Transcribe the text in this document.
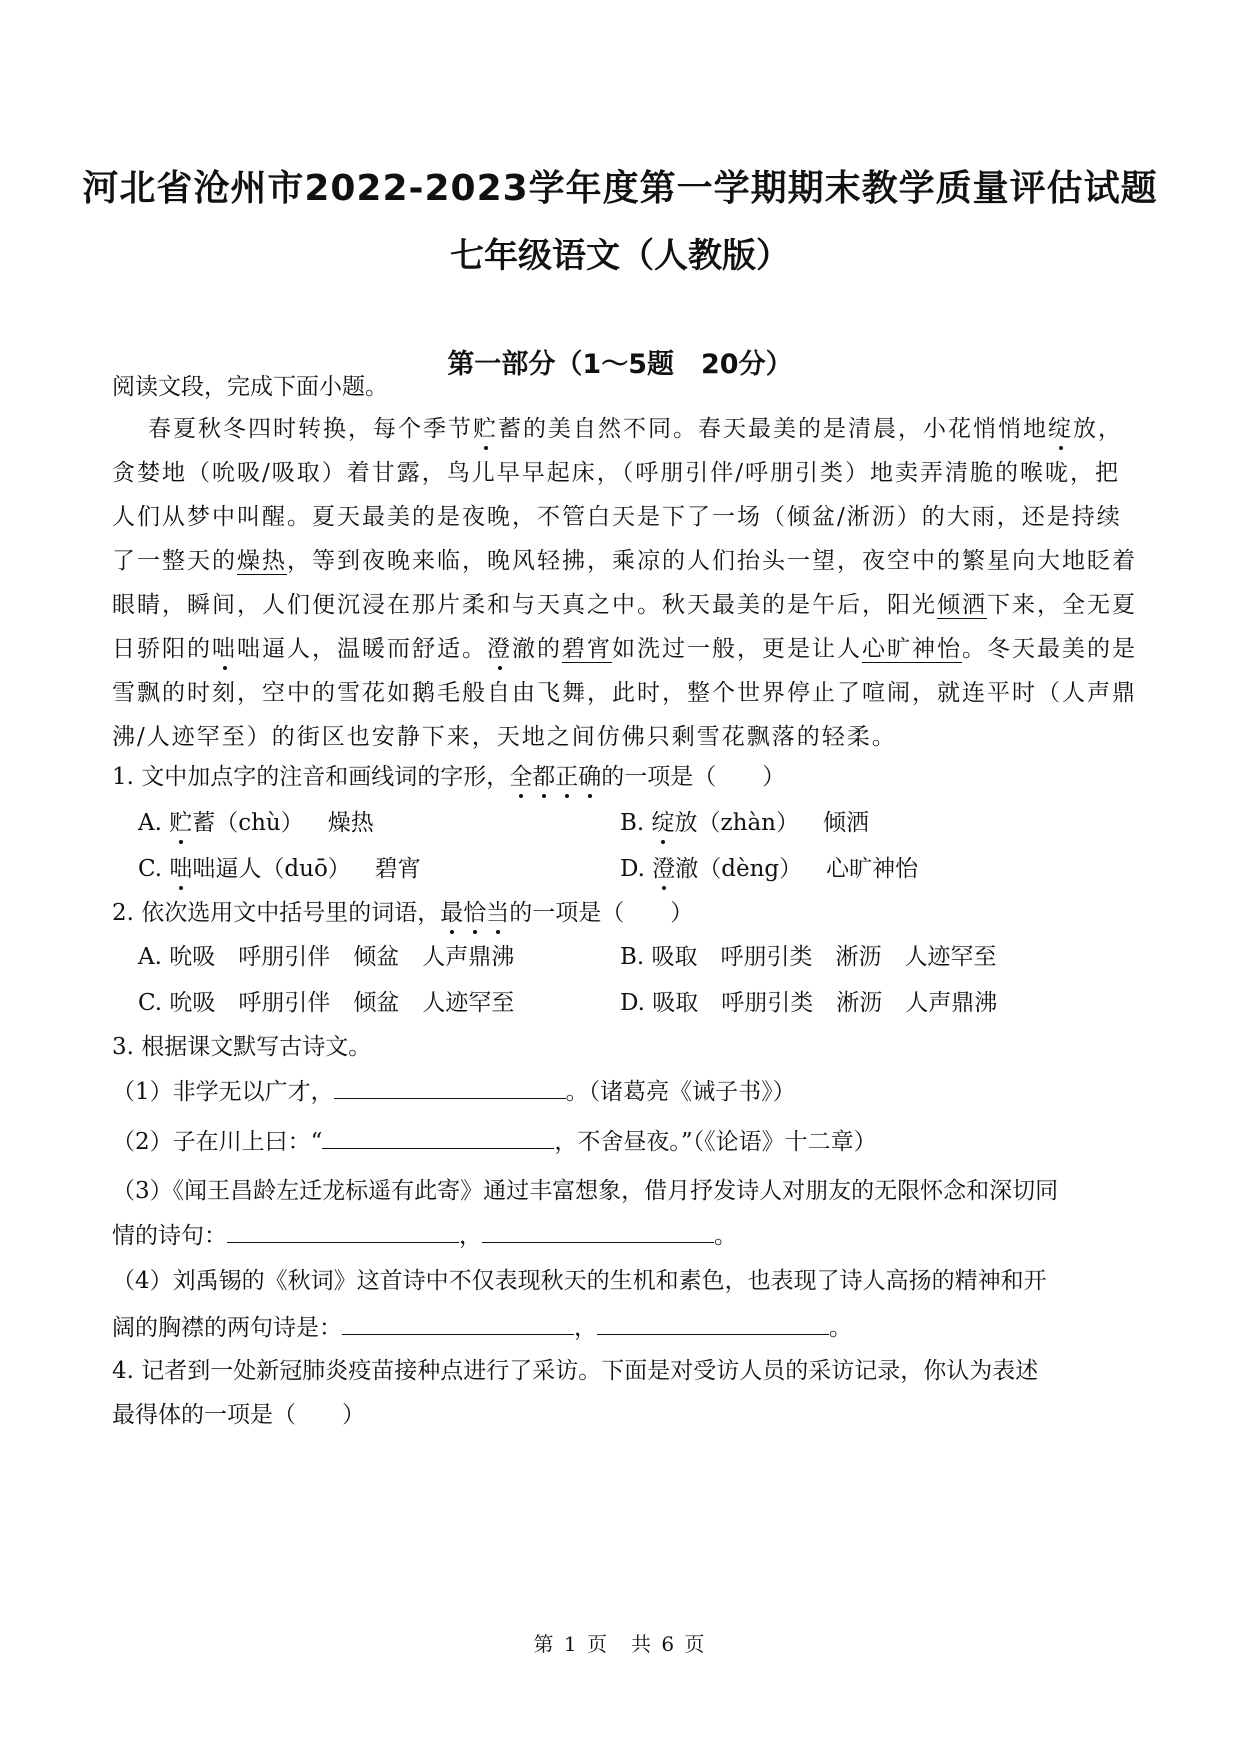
河北省沧州市2022-2023学年度第一学期期末教学质量评估试题
七年级语文（人教版）
第一部分（1～5题　20分）
阅读文段，完成下面小题。
春夏秋冬四时转换，每个季节贮蓄的美自然不同。春天最美的是清晨，小花悄悄地绽放，
贪婪地（吮吸/吸取）着甘露，鸟儿早早起床，（呼朋引伴/呼朋引类）地卖弄清脆的喉咙，把
人们从梦中叫醒。夏天最美的是夜晚，不管白天是下了一场（倾盆/淅沥）的大雨，还是持续
了一整天的燥热，等到夜晚来临，晚风轻拂，乘凉的人们抬头一望，夜空中的繁星向大地眨着
眼睛，瞬间，人们便沉浸在那片柔和与天真之中。秋天最美的是午后，阳光倾洒下来，全无夏
日骄阳的咄咄逼人，温暖而舒适。澄澈的碧宵如洗过一般，更是让人心旷神怡。冬天最美的是
雪飘的时刻，空中的雪花如鹅毛般自由飞舞，此时，整个世界停止了喧闹，就连平时（人声鼎
沸/人迹罕至）的街区也安静下来，天地之间仿佛只剩雪花飘落的轻柔。
1. 文中加点字的注音和画线词的字形，全都正确的一项是（　　）
A. 贮蓄（chù） 燥热	B. 绽放（zhàn） 倾洒
C. 咄咄逼人（duō） 碧宵	D. 澄澈（dèng） 心旷神怡
2. 依次选用文中括号里的词语，最恰当的一项是（　　）
A. 吮吸　呼朋引伴　倾盆　人声鼎沸	B. 吸取　呼朋引类　淅沥　人迹罕至
C. 吮吸　呼朋引伴　倾盆　人迹罕至	D. 吸取　呼朋引类　淅沥　人声鼎沸
3. 根据课文默写古诗文。
（1）非学无以广才，	。（诸葛亮《诫子书》）
（2）子在川上曰：“	，不舍昼夜。”（《论语》十二章）
（3）《闻王昌龄左迁龙标遥有此寄》通过丰富想象，借月抒发诗人对朋友的无限怀念和深切同
情的诗句：	，	。
（4）刘禹锡的《秋词》这首诗中不仅表现秋天的生机和素色，也表现了诗人高扬的精神和开
阔的胸襟的两句诗是：	，	。
4. 记者到一处新冠肺炎疫苗接种点进行了采访。下面是对受访人员的采访记录，你认为表述
最得体的一项是（　　）
第 1 页　共 6 页
